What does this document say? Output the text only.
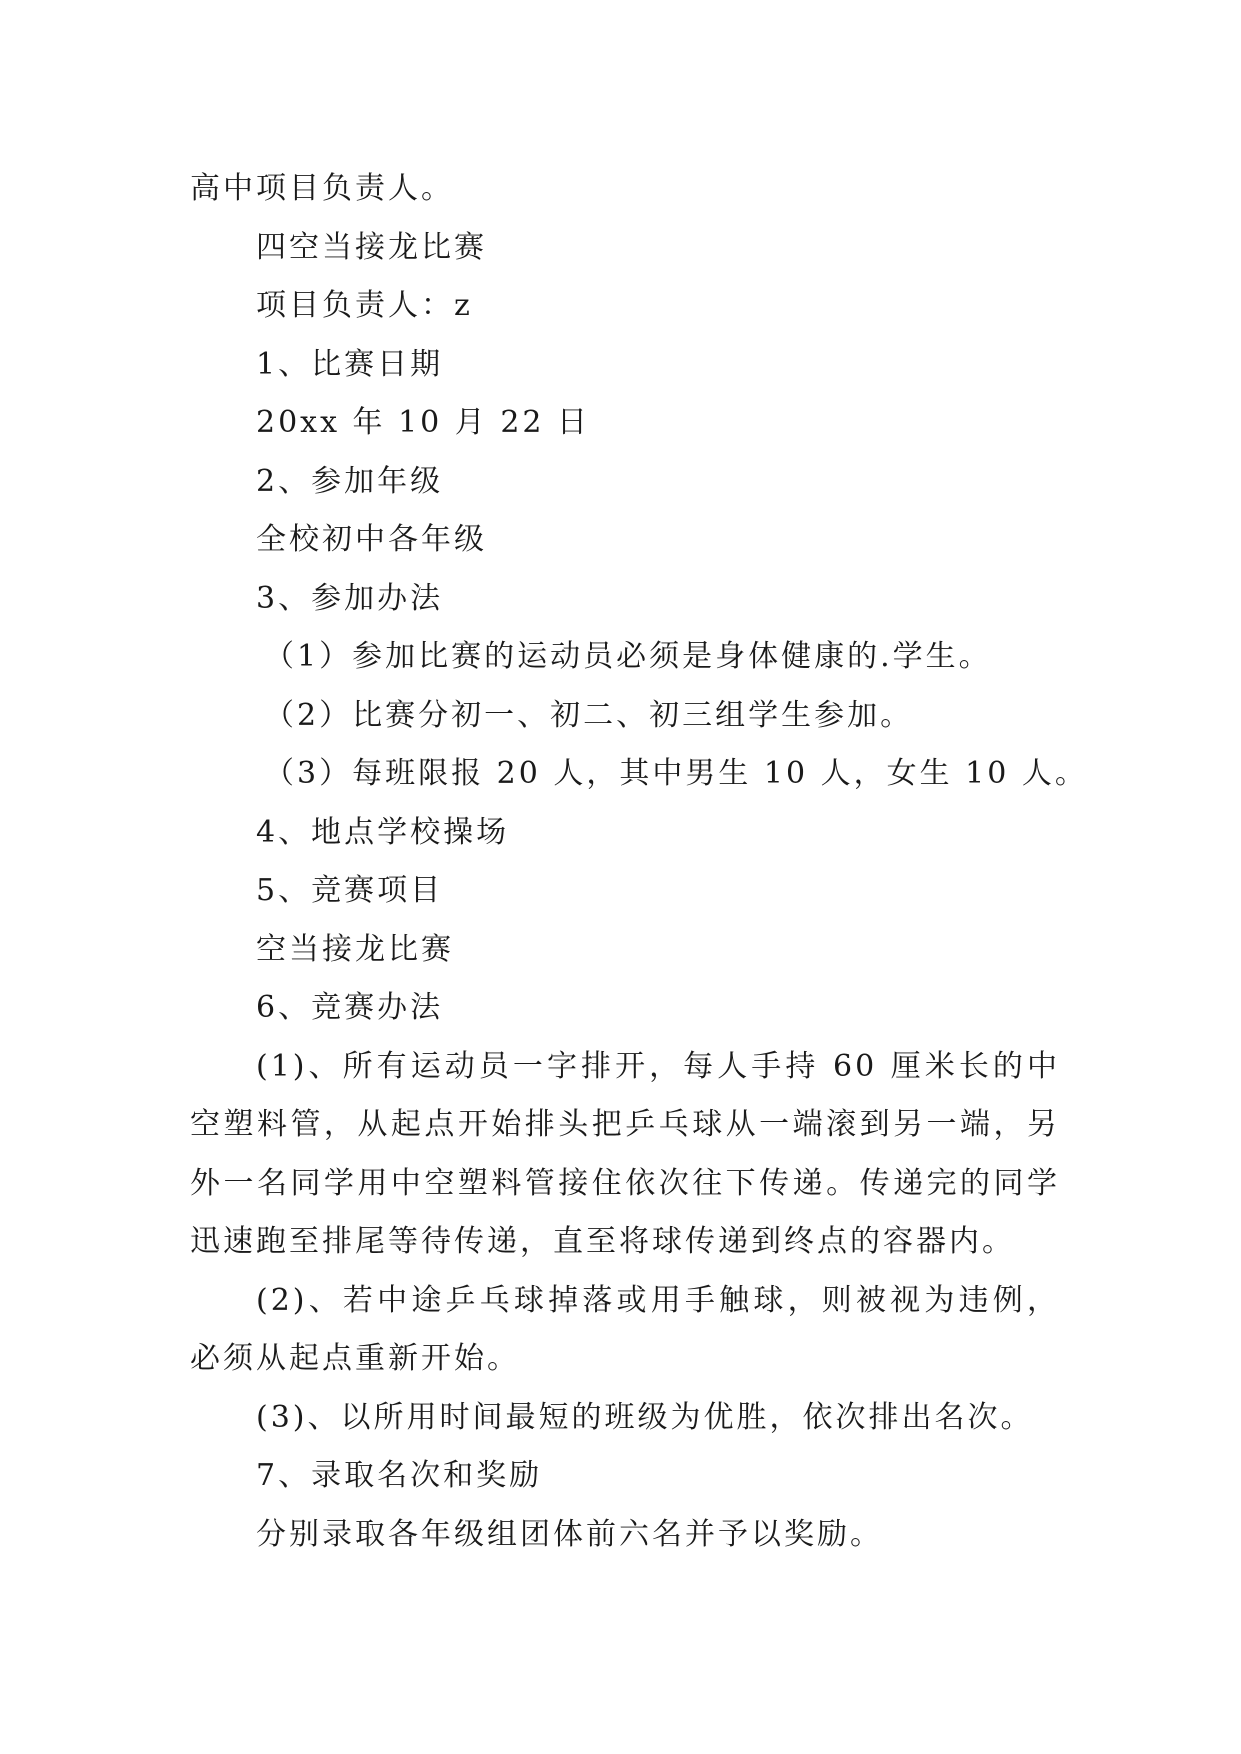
高中项目负责人。
四空当接龙比赛
项目负责人：z
1、比赛日期
20xx 年 10 月 22 日
2、参加年级
全校初中各年级
3、参加办法
（1）参加比赛的运动员必须是身体健康的.学生。
（2）比赛分初一、初二、初三组学生参加。
（3）每班限报 20 人，其中男生 10 人，女生 10 人。
4、地点学校操场
5、竞赛项目
空当接龙比赛
6、竞赛办法

(1)、所有运动员一字排开，每人手持 60 厘米长的中空塑料管，从起点开始排头把乒乓球从一端滚到另一端，另外一名同学用中空塑料管接住依次往下传递。传递完的同学迅速跑至排尾等待传递，直至将球传递到终点的容器内。

(2)、若中途乒乓球掉落或用手触球，则被视为违例，必须从起点重新开始。

(3)、以所用时间最短的班级为优胜，依次排出名次。
7、录取名次和奖励
分别录取各年级组团体前六名并予以奖励。
